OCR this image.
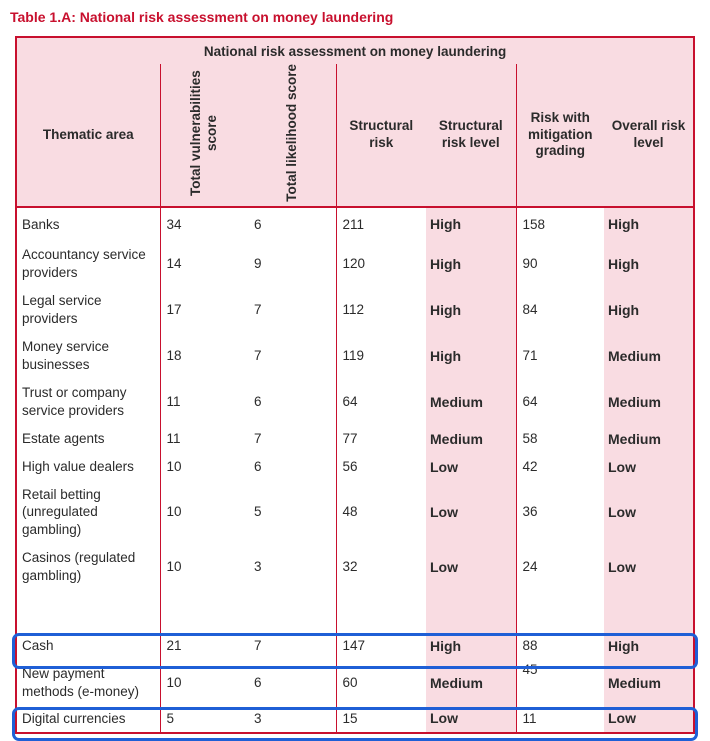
Table 1.A: National risk assessment on money laundering
National risk assessment on money laundering						
Thematic area	Total vulnerabilities score	Total likelihood score	Structural risk	Structural risk level	Risk with mitigation grading	Overall risk level
Banks	34	6	211	High	158	High
Accountancy service providers	14	9	120	High	90	High
Legal service providers	17	7	112	High	84	High
Money service businesses	18	7	119	High	71	Medium
Trust or company service providers	11	6	64	Medium	64	Medium
Estate agents	11	7	77	Medium	58	Medium
High value dealers	10	6	56	Low	42	Low
Retail betting (unregulated gambling)	10	5	48	Low	36	Low
Casinos (regulated gambling)	10	3	32	Low	24	Low

Cash	21	7	147	High	88	High
New payment methods (e-money)	10	6	60	Medium	45	Medium
Digital currencies	5	3	15	Low	11	Low
